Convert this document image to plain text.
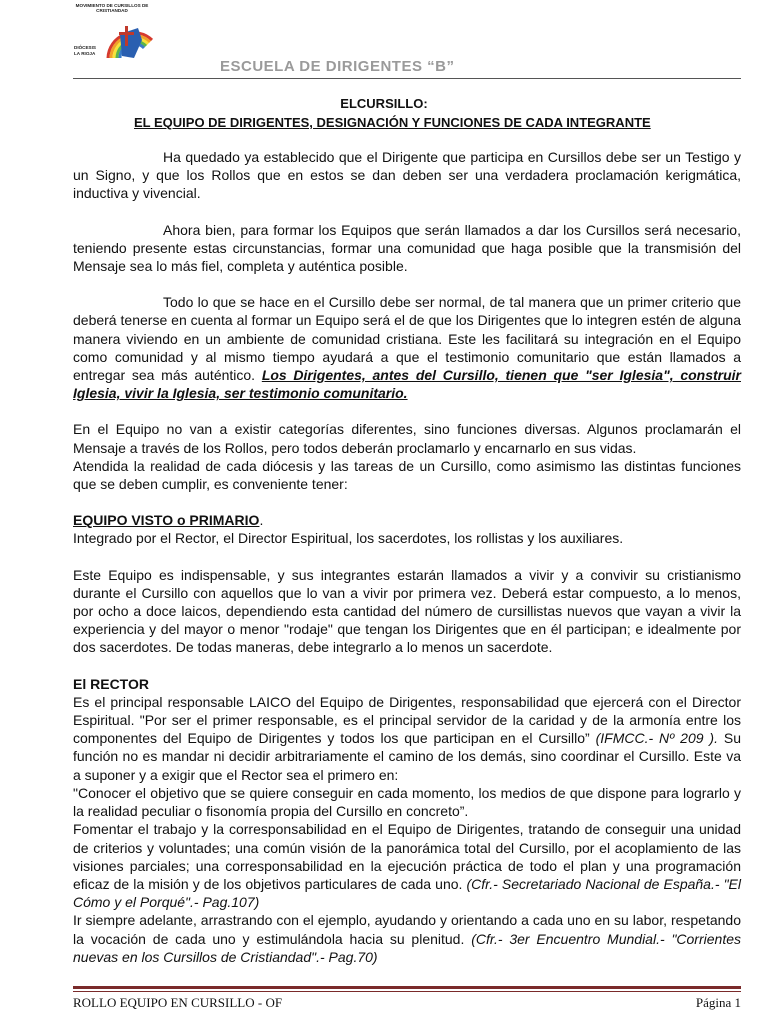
MOVIMIENTO DE CURSILLOS DE
CRISTIANDAD
DIÓCESIS
LA RIOJA
ESCUELA DE DIRIGENTES “B”
ELCURSILLO:
EL EQUIPO DE DIRIGENTES, DESIGNACIÓN Y FUNCIONES DE CADA INTEGRANTE

Ha quedado ya establecido que el Dirigente que participa en Cursillos debe ser un Testigo y un Signo, y que los Rollos que en estos se dan deben ser una verdadera proclamación kerigmática, inductiva y vivencial.

Ahora bien, para formar los Equipos que serán llamados a dar los Cursillos será necesario, teniendo presente estas circunstancias, formar una comunidad que haga posible que la transmisión del Mensaje sea lo más fiel, completa y auténtica posible.

Todo lo que se hace en el Cursillo debe ser normal, de tal manera que un primer criterio que deberá tenerse en cuenta al formar un Equipo será el de que los Dirigentes que lo integren estén de alguna manera viviendo en un ambiente de comunidad cristiana. Este les facilitará su integración en el Equipo como comunidad y al mismo tiempo ayudará a que el testimonio comunitario que están llamados a entregar sea más auténtico. Los Dirigentes, antes del Cursillo, tienen que "ser Iglesia", construir Iglesia, vivir la Iglesia, ser testimonio comunitario.

En el Equipo no van a existir categorías diferentes, sino funciones diversas. Algunos proclamarán el Mensaje a través de los Rollos, pero todos deberán proclamarlo y encarnarlo en sus vidas.

Atendida la realidad de cada diócesis y las tareas de un Cursillo, como asimismo las distintas funciones que se deben cumplir, es conveniente tener:

EQUIPO VISTO o PRIMARIO.

Integrado por el Rector, el Director Espiritual, los sacerdotes, los rollistas y los auxiliares.

Este Equipo es indispensable, y sus integrantes estarán llamados a vivir y a convivir su cristianismo durante el Cursillo con aquellos que lo van a vivir por primera vez. Deberá estar compuesto, a lo menos, por ocho a doce laicos, dependiendo esta cantidad del número de cursillistas nuevos que vayan a vivir la experiencia y del mayor o menor "rodaje" que tengan los Dirigentes que en él participan; e idealmente por dos sacerdotes. De todas maneras, debe integrarlo a lo menos un sacerdote.

El RECTOR

Es el principal responsable LAICO del Equipo de Dirigentes, responsabilidad que ejercerá con el Director Espiritual. "Por ser el primer responsable, es el principal servidor de la caridad y de la armonía entre los componentes del Equipo de Dirigentes y todos los que participan en el Cursillo” (IFMCC.- Nº 209 ). Su función no es mandar ni decidir arbitrariamente el camino de los demás, sino coordinar el Cursillo. Este va a suponer y a exigir que el Rector sea el primero en:

"Conocer el objetivo que se quiere conseguir en cada momento, los medios de que dispone para lograrlo y la realidad peculiar o fisonomía propia del Cursillo en concreto”.

Fomentar el trabajo y la corresponsabilidad en el Equipo de Dirigentes, tratando de conseguir una unidad de criterios y voluntades; una común visión de la panorámica total del Cursillo, por el acoplamiento de las visiones parciales; una corresponsabilidad en la ejecución práctica de todo el plan y una programación eficaz de la misión y de los objetivos particulares de cada uno. (Cfr.- Secretariado Nacional de España.- "El Cómo y el Porqué".- Pag.107)

Ir siempre adelante, arrastrando con el ejemplo, ayudando y orientando a cada uno en su labor, respetando la vocación de cada uno y estimulándola hacia su plenitud. (Cfr.- 3er Encuentro Mundial.- "Corrientes nuevas en los Cursillos de Cristiandad".- Pag.70)

ROLLO EQUIPO EN CURSILLO - OF	Página 1
